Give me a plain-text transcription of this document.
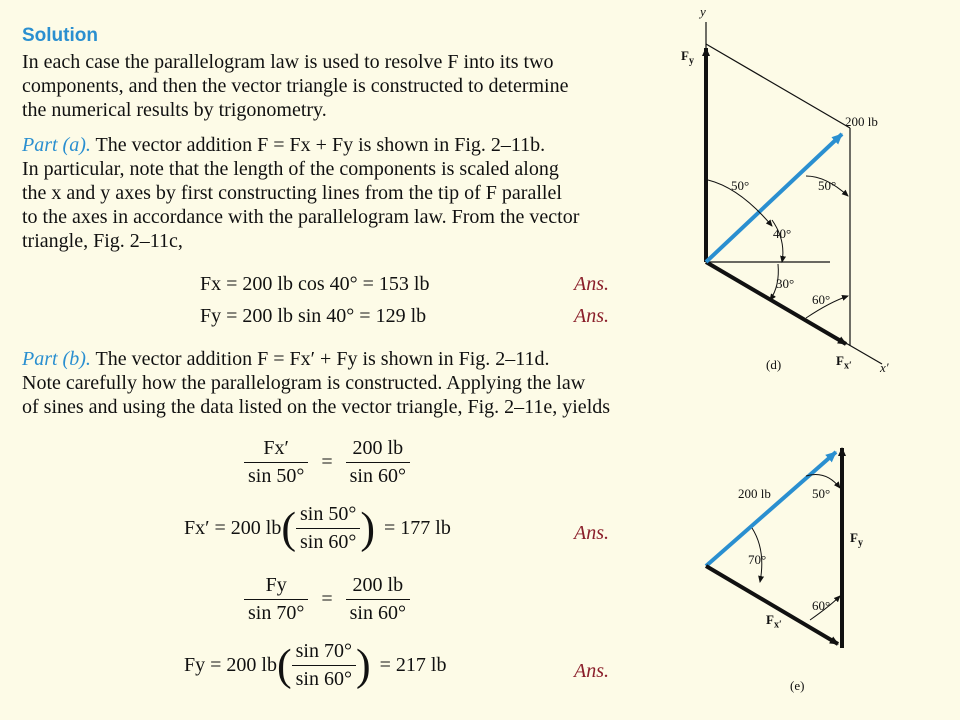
Solution
In each case the parallelogram law is used to resolve F into its two
components, and then the vector triangle is constructed to determine
the numerical results by trigonometry.
Part (a). The vector addition F = Fx + Fy is shown in Fig. 2–11b.
In particular, note that the length of the components is scaled along
the x and y axes by first constructing lines from the tip of F parallel
to the axes in accordance with the parallelogram law. From the vector
triangle, Fig. 2–11c,
Fx = 200 lb cos 40° = 153 lb	Ans.
Fy = 200 lb sin 40° = 129 lb	Ans.
Part (b). The vector addition F = Fx′ + Fy is shown in Fig. 2–11d.
Note carefully how the parallelogram is constructed. Applying the law
of sines and using the data listed on the vector triangle, Fig. 2–11e, yields
$\frac{Fx'}{\sin 50^\circ} = \frac{200 lb}{\sin 60^\circ}$
Fx′ = 200 $lb( \frac{\sin 50^\circ}{\sin 60^\circ}$ ) = 177 lb	Ans.
$\frac{Fy}{\sin 70^\circ} = \frac{200 lb}{\sin 60^\circ}$
Fy = 200 $lb( \frac{\sin 70^\circ}{\sin 60^\circ}$ ) = 217 lb	Ans.
y
$F_y$
200 lb
50°	50°
40°
30°
60°
(d)	$F_{x'}$ x′
200 lb	50°
$F_y$
70°
60°
$F_{x'}$
(e)
